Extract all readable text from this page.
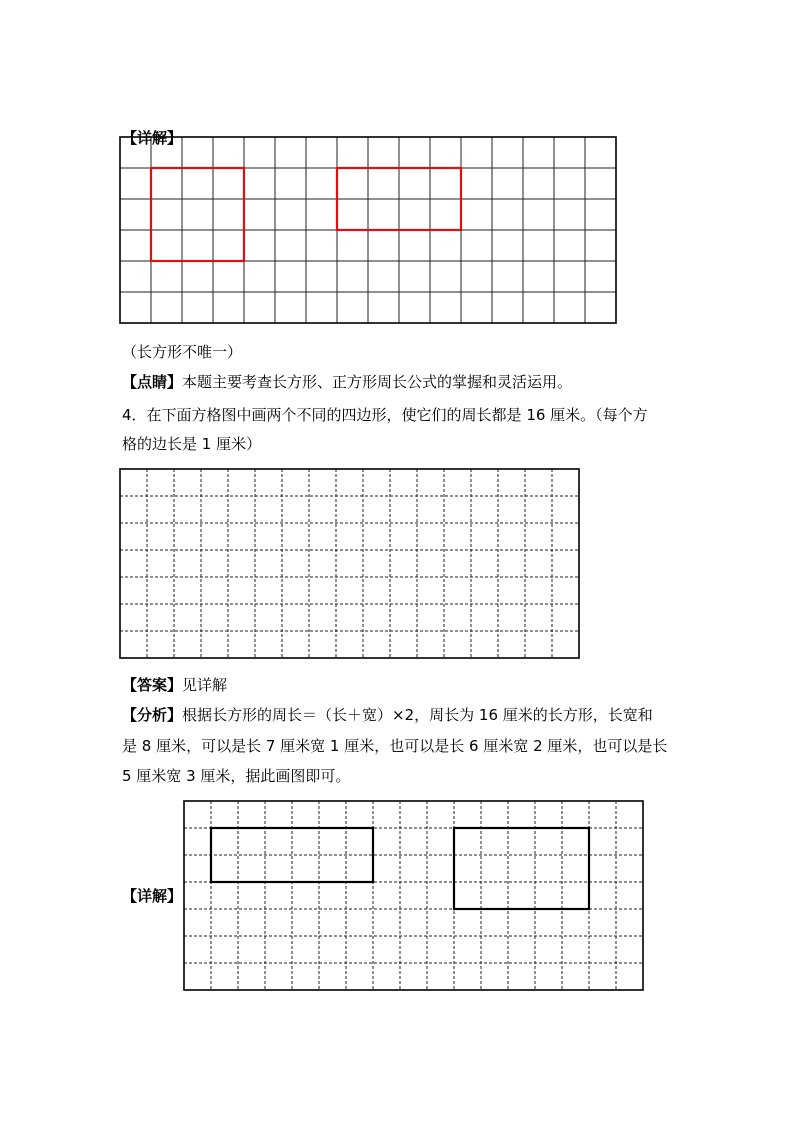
【详解】
（长方形不唯一）
【点睛】本题主要考查长方形、正方形周长公式的掌握和灵活运用。
4．在下面方格图中画两个不同的四边形，使它们的周长都是 16 厘米。（每个方
格的边长是 1 厘米）
【答案】见详解
【分析】根据长方形的周长＝（长＋宽）×2，周长为 16 厘米的长方形，长宽和
是 8 厘米，可以是长 7 厘米宽 1 厘米，也可以是长 6 厘米宽 2 厘米，也可以是长
5 厘米宽 3 厘米，据此画图即可。
【详解】
